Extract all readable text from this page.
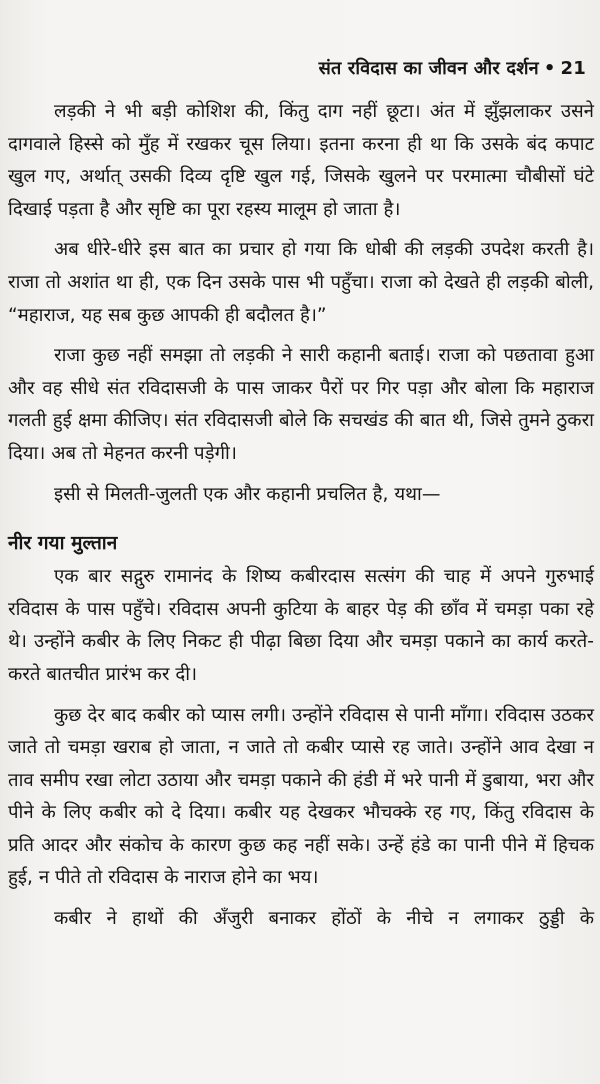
संत रविदास का जीवन और दर्शन • 21

लड़की ने भी बड़ी कोशिश की, किंतु दाग नहीं छूटा। अंत में झुँझलाकर उसने दागवाले हिस्से को मुँह में रखकर चूस लिया। इतना करना ही था कि उसके बंद कपाट खुल गए, अर्थात् उसकी दिव्य दृष्टि खुल गई, जिसके खुलने पर परमात्मा चौबीसों घंटे दिखाई पड़ता है और सृष्टि का पूरा रहस्य मालूम हो जाता है।

अब धीरे-धीरे इस बात का प्रचार हो गया कि धोबी की लड़की उपदेश करती है। राजा तो अशांत था ही, एक दिन उसके पास भी पहुँचा। राजा को देखते ही लड़की बोली, “महाराज, यह सब कुछ आपकी ही बदौलत है।”

राजा कुछ नहीं समझा तो लड़की ने सारी कहानी बताई। राजा को पछतावा हुआ और वह सीधे संत रविदासजी के पास जाकर पैरों पर गिर पड़ा और बोला कि महाराज गलती हुई क्षमा कीजिए। संत रविदासजी बोले कि सचखंड की बात थी, जिसे तुमने ठुकरा दिया। अब तो मेहनत करनी पड़ेगी।

इसी से मिलती-जुलती एक और कहानी प्रचलित है, यथा—

नीर गया मुल्तान

एक बार सद्गुरु रामानंद के शिष्य कबीरदास सत्संग की चाह में अपने गुरुभाई रविदास के पास पहुँचे। रविदास अपनी कुटिया के बाहर पेड़ की छाँव में चमड़ा पका रहे थे। उन्होंने कबीर के लिए निकट ही पीढ़ा बिछा दिया और चमड़ा पकाने का कार्य करते-करते बातचीत प्रारंभ कर दी।

कुछ देर बाद कबीर को प्यास लगी। उन्होंने रविदास से पानी माँगा। रविदास उठकर जाते तो चमड़ा खराब हो जाता, न जाते तो कबीर प्यासे रह जाते। उन्होंने आव देखा न ताव समीप रखा लोटा उठाया और चमड़ा पकाने की हंडी में भरे पानी में डुबाया, भरा और पीने के लिए कबीर को दे दिया। कबीर यह देखकर भौचक्के रह गए, किंतु रविदास के प्रति आदर और संकोच के कारण कुछ कह नहीं सके। उन्हें हंडे का पानी पीने में हिचक हुई, न पीते तो रविदास के नाराज होने का भय।

कबीर ने हाथों की अँजुरी बनाकर होंठों के नीचे न लगाकर ठुड्डी के
